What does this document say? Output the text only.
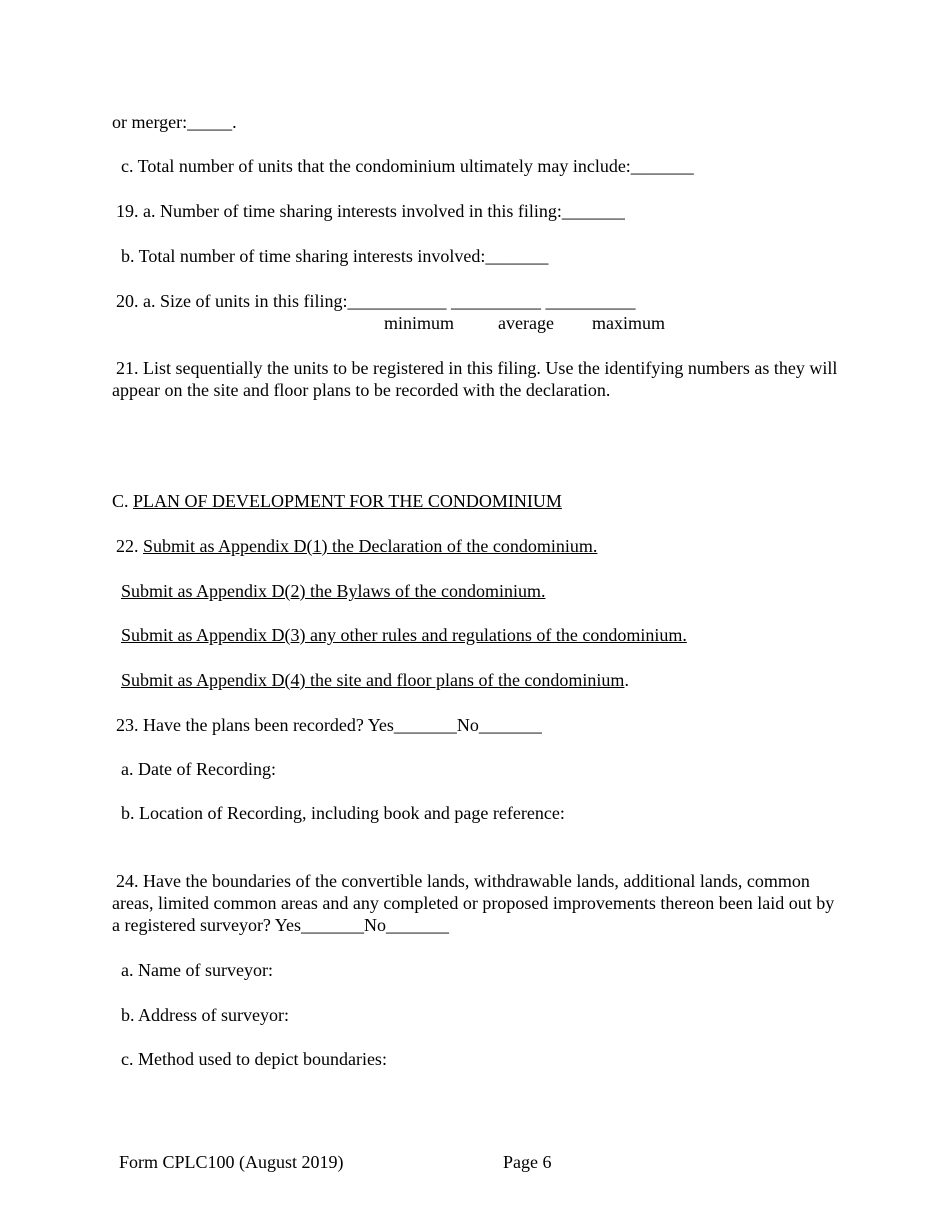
or merger:_____.
c. Total number of units that the condominium ultimately may include:_______
19. a. Number of time sharing interests involved in this filing:_______
b. Total number of time sharing interests involved:_______
20. a. Size of units in this filing:___________ __________ __________
minimum average maximum
21. List sequentially the units to be registered in this filing. Use the identifying numbers as they will appear on the site and floor plans to be recorded with the declaration.
C. PLAN OF DEVELOPMENT FOR THE CONDOMINIUM
22. Submit as Appendix D(1) the Declaration of the condominium.
Submit as Appendix D(2) the Bylaws of the condominium.
Submit as Appendix D(3) any other rules and regulations of the condominium.
Submit as Appendix D(4) the site and floor plans of the condominium.
23. Have the plans been recorded? Yes_______No_______
a. Date of Recording:
b. Location of Recording, including book and page reference:
24. Have the boundaries of the convertible lands, withdrawable lands, additional lands, common areas, limited common areas and any completed or proposed improvements thereon been laid out by a registered surveyor? Yes_______No_______
a. Name of surveyor:
b. Address of surveyor:
c. Method used to depict boundaries:
Form CPLC100 (August 2019)	Page 6
